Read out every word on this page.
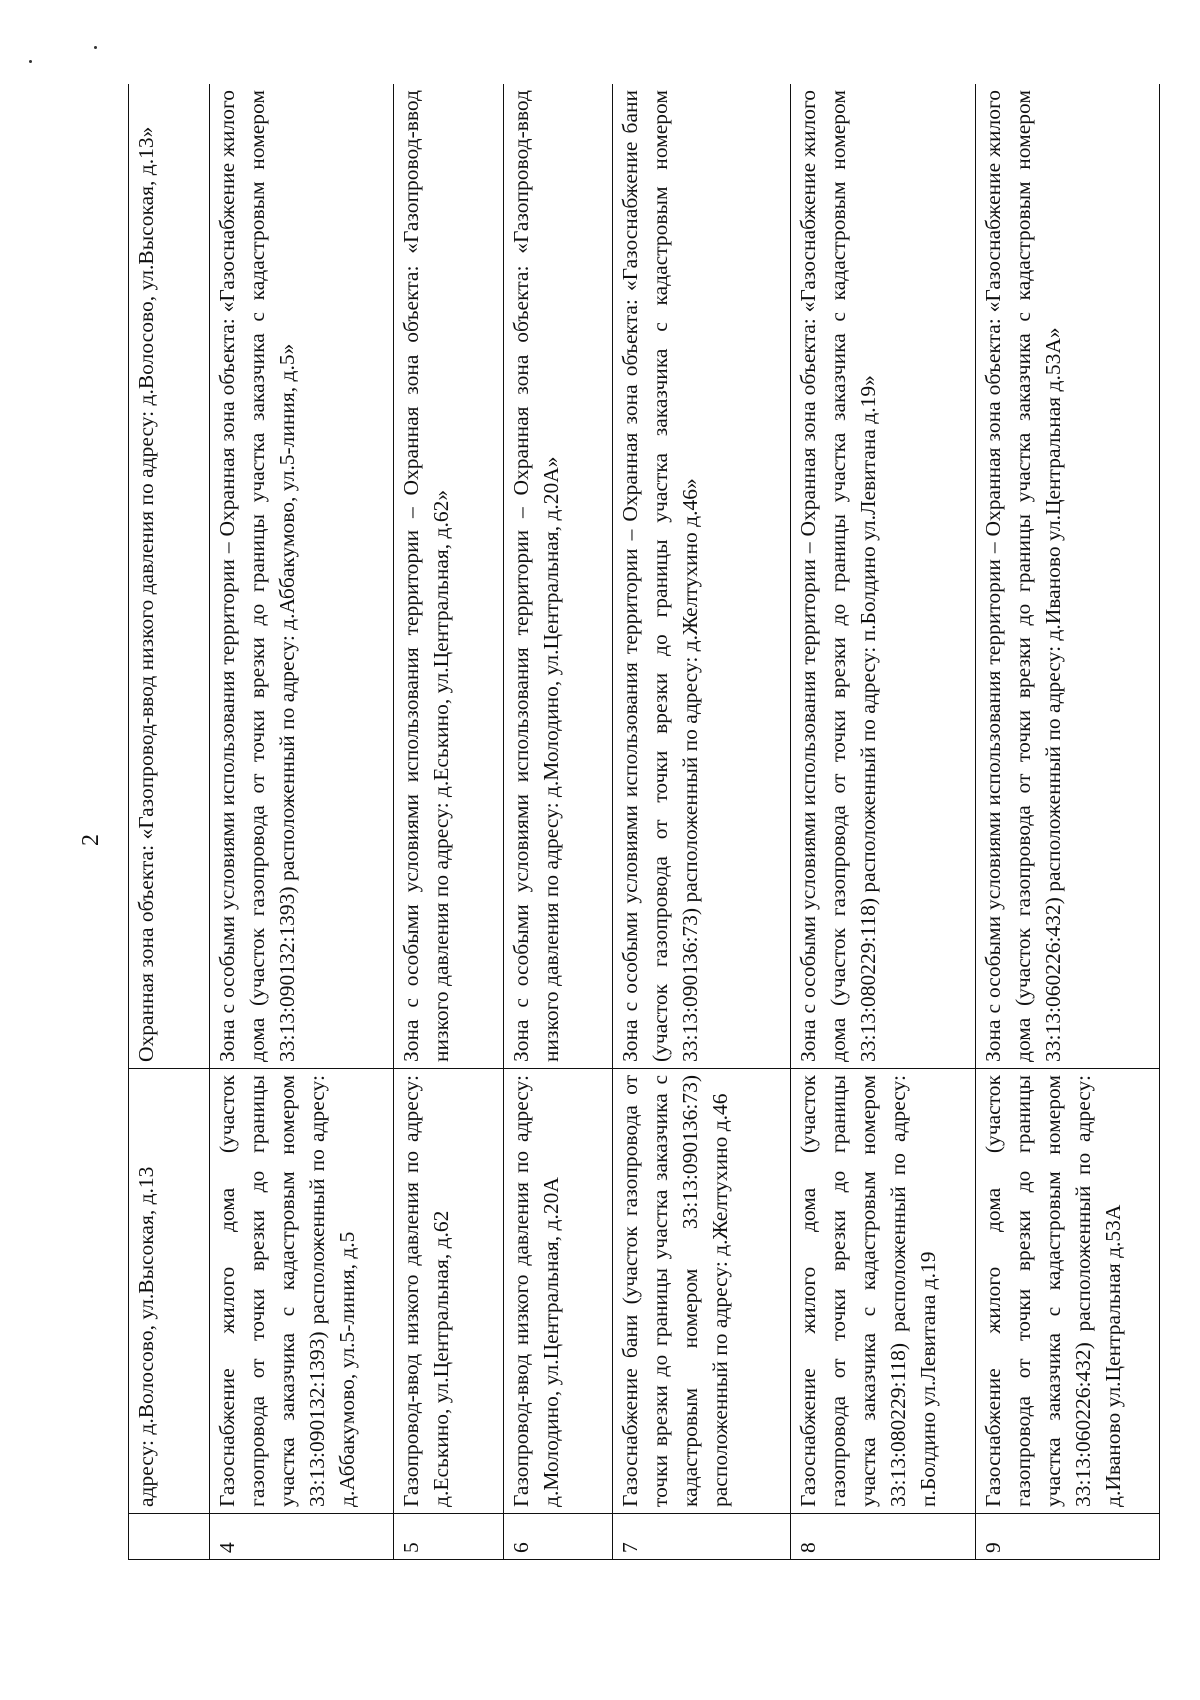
2
	адресу: д.Волосово, ул.Высокая, д.13	Охранная зона объекта: «Газопровод-ввод низкого давления по адресу: д.Волосово, ул.Высокая, д.13»
4	Газоснабжение жилого дома (участок газопровода от точки врезки до границы участка заказчика с кадастровым номером 33:13:090132:1393) расположенный по адресу: д.Аббакумово, ул.5-линия, д.5	Зона с особыми условиями использования территории – Охранная зона объекта: «Газоснабжение жилого дома (участок газопровода от точки врезки до границы участка заказчика с кадастровым номером 33:13:090132:1393) расположенный по адресу: д.Аббакумово, ул.5-линия, д.5»
5	Газопровод-ввод низкого давления по адресу: д.Еськино, ул.Центральная, д.62	Зона с особыми условиями использования территории – Охранная зона объекта: «Газопровод-ввод низкого давления по адресу: д.Еськино, ул.Центральная, д.62»
6	Газопровод-ввод низкого давления по адресу: д.Молодино, ул.Центральная, д.20А	Зона с особыми условиями использования территории – Охранная зона объекта: «Газопровод-ввод низкого давления по адресу: д.Молодино, ул.Центральная, д.20А»
7	Газоснабжение бани (участок газопровода от точки врезки до границы участка заказчика с кадастровым номером 33:13:090136:73) расположенный по адресу: д.Желтухино д.46	Зона с особыми условиями использования территории – Охранная зона объекта: «Газоснабжение бани (участок газопровода от точки врезки до границы участка заказчика с кадастровым номером 33:13:090136:73) расположенный по адресу: д.Желтухино д.46»
8	Газоснабжение жилого дома (участок газопровода от точки врезки до границы участка заказчика с кадастровым номером 33:13:080229:118) расположенный по адресу: п.Болдино ул.Левитана д.19	Зона с особыми условиями использования территории – Охранная зона объекта: «Газоснабжение жилого дома (участок газопровода от точки врезки до границы участка заказчика с кадастровым номером 33:13:080229:118) расположенный по адресу: п.Болдино ул.Левитана д.19»
9	Газоснабжение жилого дома (участок газопровода от точки врезки до границы участка заказчика с кадастровым номером 33:13:060226:432) расположенный по адресу: д.Иваново ул.Центральная д.53А	Зона с особыми условиями использования территории – Охранная зона объекта: «Газоснабжение жилого дома (участок газопровода от точки врезки до границы участка заказчика с кадастровым номером 33:13:060226:432) расположенный по адресу: д.Иваново ул.Центральная д.53А»
